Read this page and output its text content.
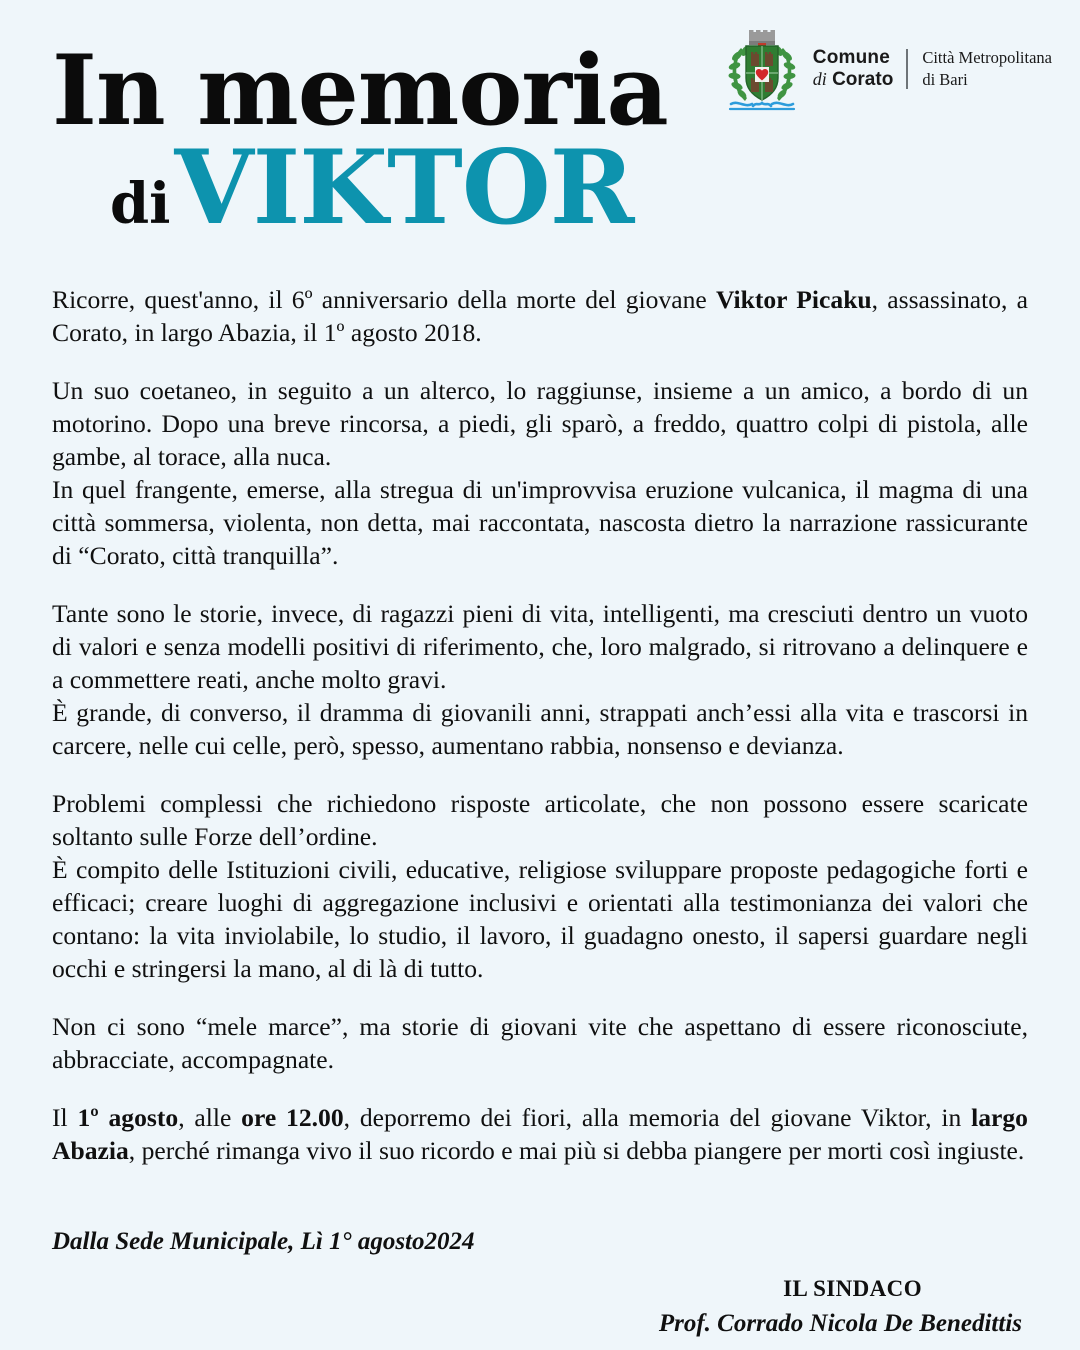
Comune
di Corato
Città Metropolitana
di Bari
In memoria
di VIKTOR

Ricorre, quest'anno, il 6º anniversario della morte del giovane Viktor Picaku, assassinato, a Corato, in largo Abazia, il 1º agosto 2018.

Un suo coetaneo, in seguito a un alterco, lo raggiunse, insieme a un amico, a bordo di un motorino. Dopo una breve rincorsa, a piedi, gli sparò, a freddo, quattro colpi di pistola, alle gambe, al torace, alla nuca.

In quel frangente, emerse, alla stregua di un'improvvisa eruzione vulcanica, il magma di una città sommersa, violenta, non detta, mai raccontata, nascosta dietro la narrazione rassicurante di “Corato, città tranquilla”.

Tante sono le storie, invece, di ragazzi pieni di vita, intelligenti, ma cresciuti dentro un vuoto di valori e senza modelli positivi di riferimento, che, loro malgrado, si ritrovano a delinquere e a commettere reati, anche molto gravi.

È grande, di converso, il dramma di giovanili anni, strappati anch’essi alla vita e trascorsi in carcere, nelle cui celle, però, spesso, aumentano rabbia, nonsenso e devianza.

Problemi complessi che richiedono risposte articolate, che non possono essere scaricate soltanto sulle Forze dell’ordine.

È compito delle Istituzioni civili, educative, religiose sviluppare proposte pedagogiche forti e efficaci; creare luoghi di aggregazione inclusivi e orientati alla testimonianza dei valori che contano: la vita inviolabile, lo studio, il lavoro, il guadagno onesto, il sapersi guardare negli occhi e stringersi la mano, al di là di tutto.

Non ci sono “mele marce”, ma storie di giovani vite che aspettano di essere riconosciute, abbracciate, accompagnate.

Il 1º agosto, alle ore 12.00, deporremo dei fiori, alla memoria del giovane Viktor, in largo Abazia, perché rimanga vivo il suo ricordo e mai più si debba piangere per morti così ingiuste.

Dalla Sede Municipale, Lì 1° agosto2024

IL SINDACO

Prof. Corrado Nicola De Benedittis
